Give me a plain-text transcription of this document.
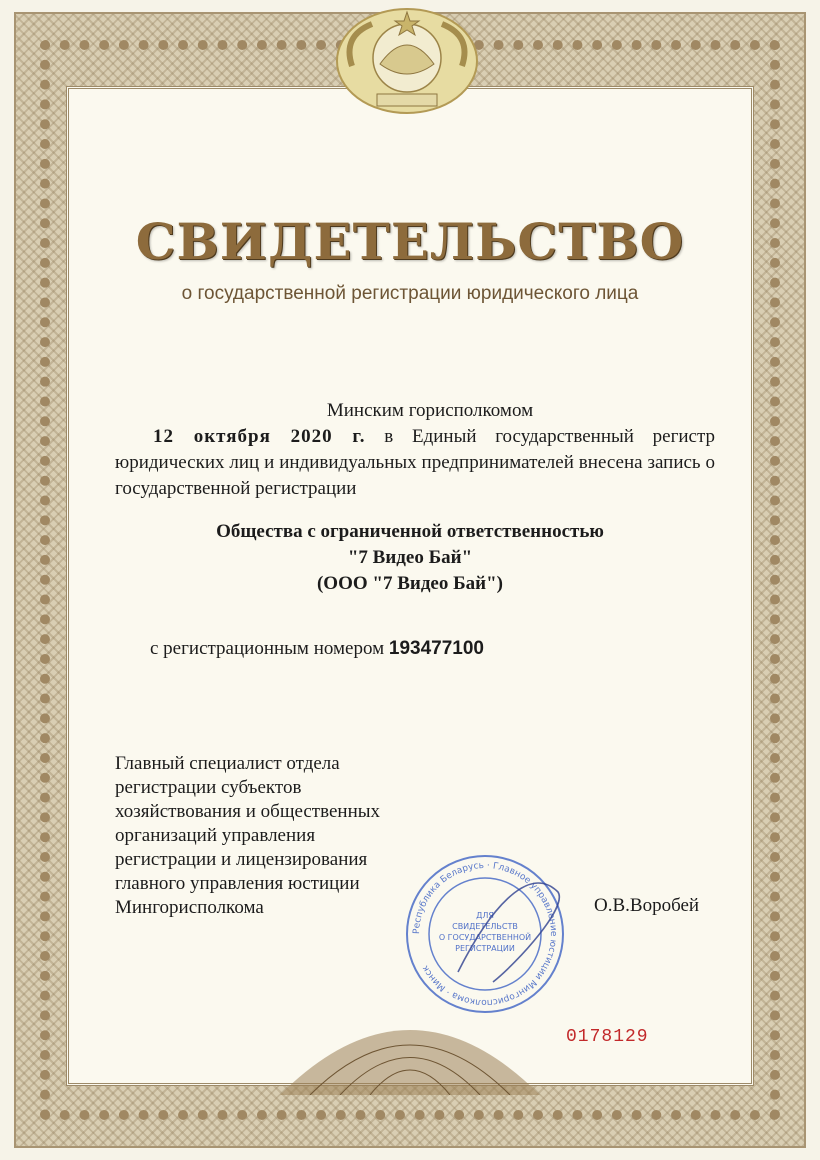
СВИДЕТЕЛЬСТВО
о государственной регистрации юридического лица
Минским горисполкомом
12 октября 2020 г. в Единый государственный регистр юридических лиц и индивидуальных предпринимателей внесена запись о государственной регистрации
Общества с ограниченной ответственностью
"7 Видео Бай"
(ООО "7 Видео Бай")
с регистрационным номером 193477100
Главный специалист отдела
регистрации субъектов
хозяйствования и общественных
организаций управления
регистрации и лицензирования
главного управления юстиции
Мингорисполкома
Республика Беларусь · Главное управление юстиции Мингорисполкома · Минск
ДЛЯ
СВИДЕТЕЛЬСТВ
О ГОСУДАРСТВЕННОЙ
РЕГИСТРАЦИИ
О.В.Воробей
0178129
